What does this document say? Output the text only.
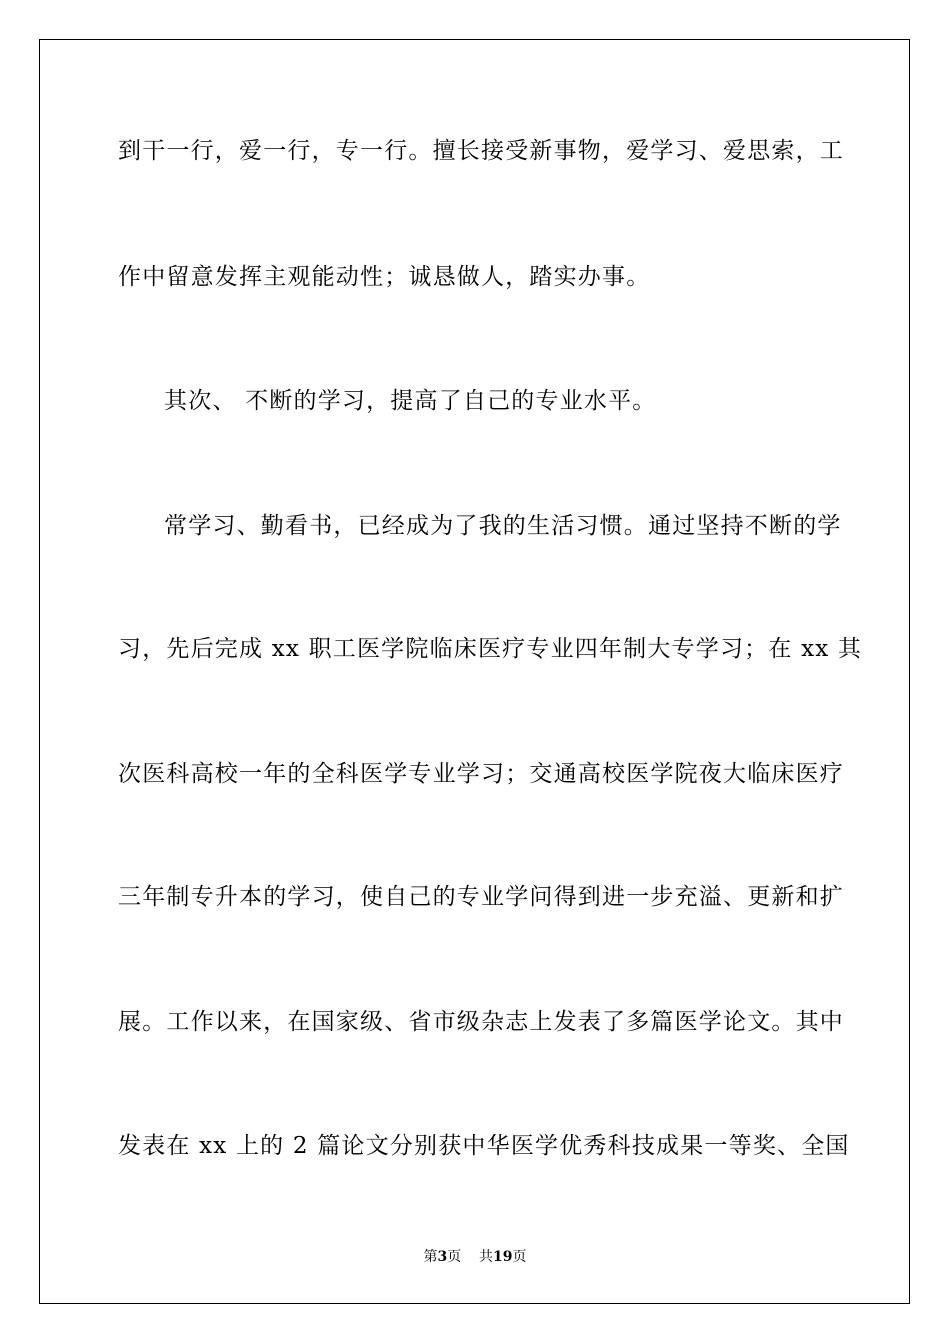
到干一行，爱一行，专一行。擅长接受新事物，爱学习、爱思索，工
作中留意发挥主观能动性；诚恳做人，踏实办事。
其次、 不断的学习，提高了自己的专业水平。
常学习、勤看书，已经成为了我的生活习惯。通过坚持不断的学
习，先后完成 xx 职工医学院临床医疗专业四年制大专学习；在 xx 其
次医科高校一年的全科医学专业学习；交通高校医学院夜大临床医疗
三年制专升本的学习，使自己的专业学问得到进一步充溢、更新和扩
展。工作以来，在国家级、省市级杂志上发表了多篇医学论文。其中
发表在 xx 上的 2 篇论文分别获中华医学优秀科技成果一等奖、全国
第3页 共19页
